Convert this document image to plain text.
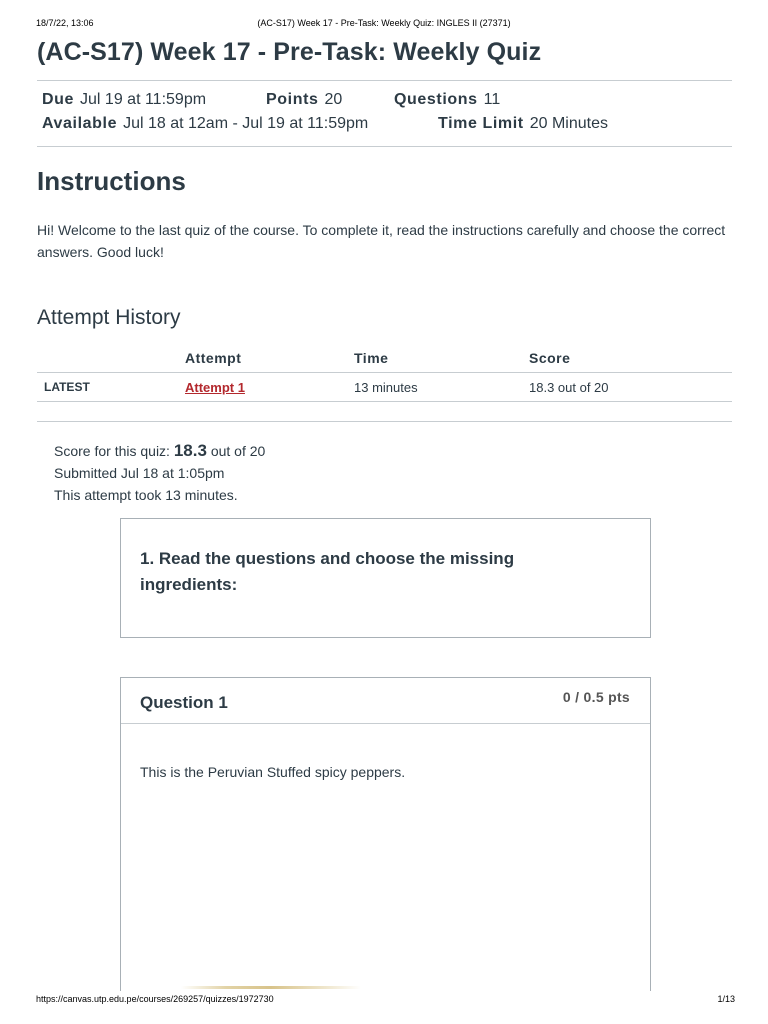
18/7/22, 13:06	(AC-S17) Week 17 - Pre-Task: Weekly Quiz: INGLES II (27371)
(AC-S17) Week 17 - Pre-Task: Weekly Quiz
Due Jul 19 at 11:59pm	Points 20	Questions 11
Available Jul 18 at 12am - Jul 19 at 11:59pm	Time Limit 20 Minutes
Instructions

Hi! Welcome to the last quiz of the course. To complete it, read the instructions carefully and choose the correct answers. Good luck!

Attempt History
	Attempt	Time	Score
LATEST	Attempt 1	13 minutes	18.3 out of 20
Score for this quiz: 18.3 out of 20
Submitted Jul 18 at 1:05pm
This attempt took 13 minutes.

1. Read the questions and choose the missing ingredients:

Question 1	0 / 0.5 pts

This is the Peruvian Stuffed spicy peppers.

https://canvas.utp.edu.pe/courses/269257/quizzes/1972730	1/13
